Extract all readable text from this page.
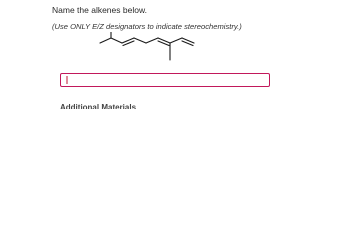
Name the alkenes below.

(Use ONLY E/Z designators to indicate stereochemistry.)

Additional Materials
